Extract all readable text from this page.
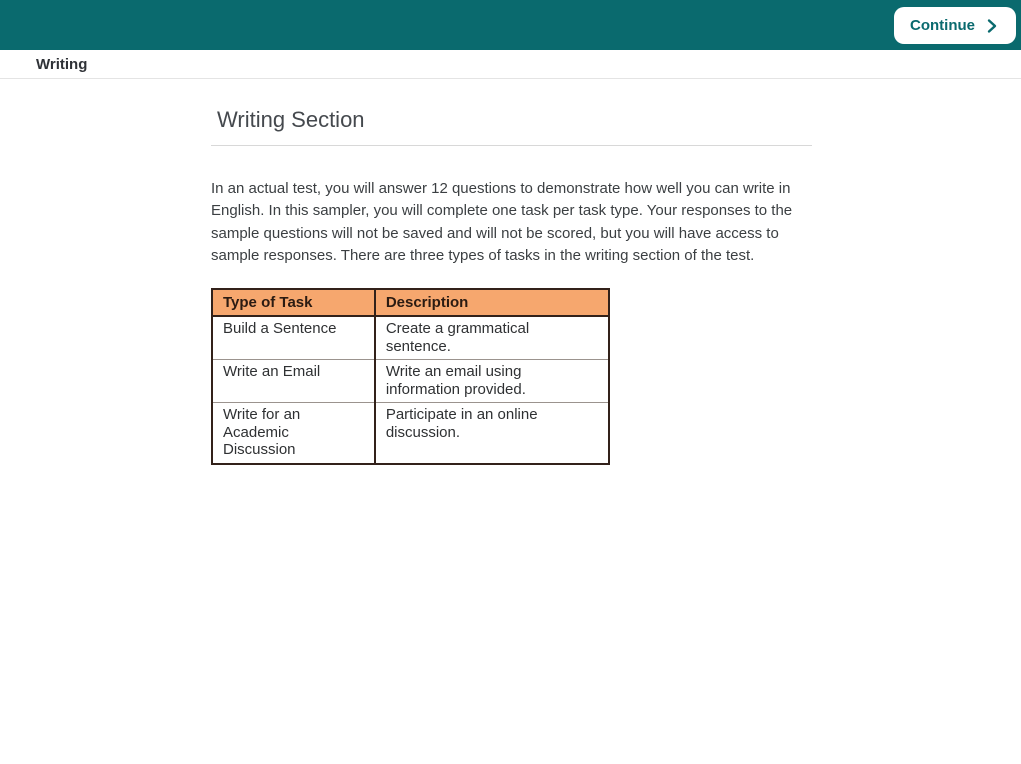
Continue
Writing
Writing Section

In an actual test, you will answer 12 questions to demonstrate how well you can write in English. In this sampler, you will complete one task per task type. Your responses to the sample questions will not be saved and will not be scored, but you will have access to sample responses. There are three types of tasks in the writing section of the test.

Type of Task	Description
Build a Sentence	Create a grammatical sentence.
Write an Email	Write an email using information provided.
Write for an Academic Discussion	Participate in an online discussion.
